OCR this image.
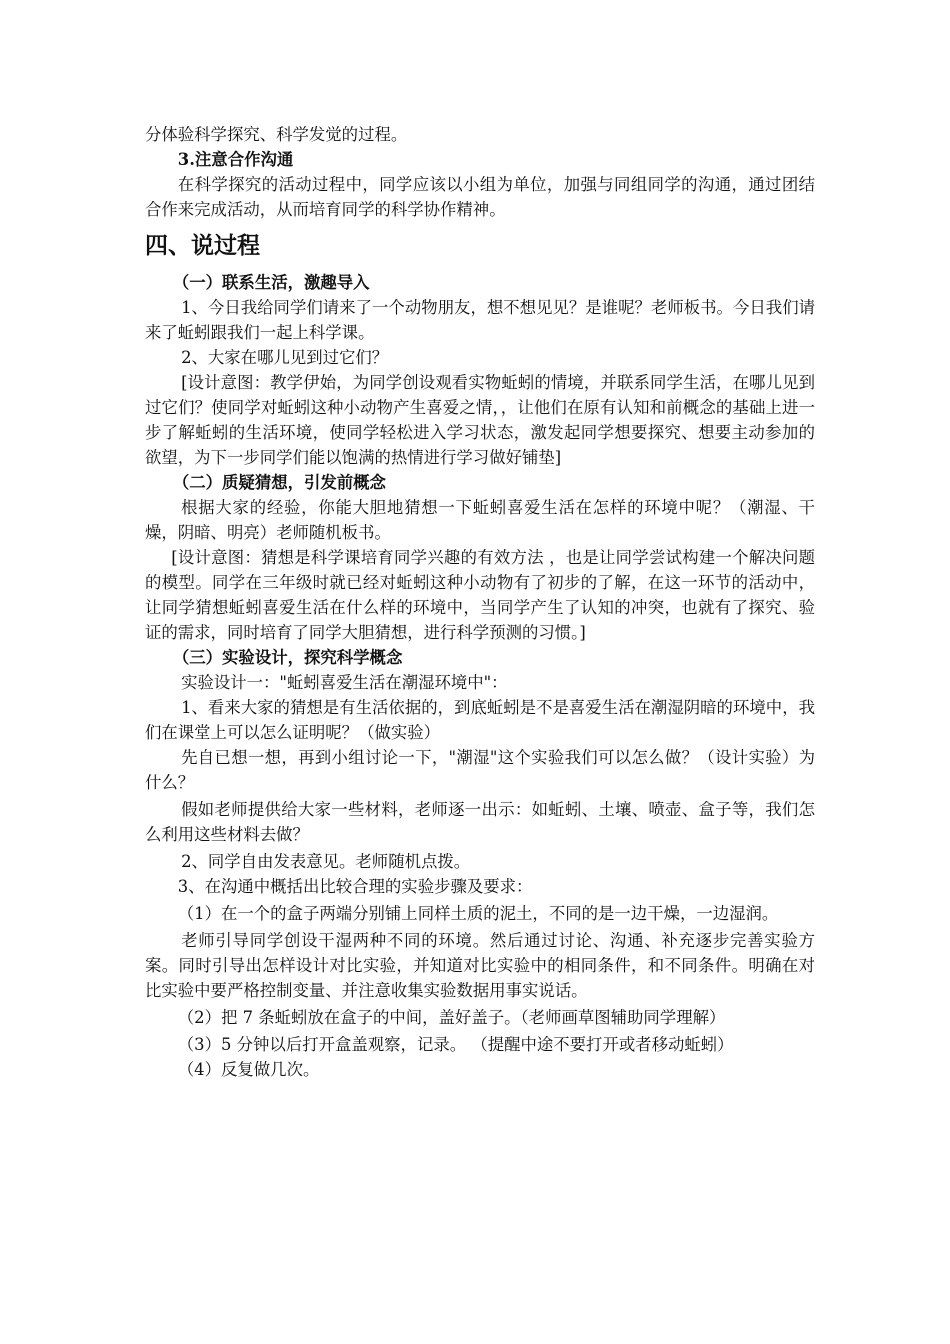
分体验科学探究、科学发觉的过程。

3.注意合作沟通

在科学探究的活动过程中，同学应该以小组为单位，加强与同组同学的沟通，通过团结合作来完成活动，从而培育同学的科学协作精神。

四、说过程

（一）联系生活，激趣导入

1、今日我给同学们请来了一个动物朋友，想不想见见？是谁呢？老师板书。今日我们请来了蚯蚓跟我们一起上科学课。

2、大家在哪儿见到过它们？

[设计意图：教学伊始，为同学创设观看实物蚯蚓的情境，并联系同学生活，在哪儿见到过它们？使同学对蚯蚓这种小动物产生喜爱之情，，让他们在原有认知和前概念的基础上进一步了解蚯蚓的生活环境，使同学轻松进入学习状态，激发起同学想要探究、想要主动参加的欲望，为下一步同学们能以饱满的热情进行学习做好铺垫]

（二）质疑猜想，引发前概念

根据大家的经验，你能大胆地猜想一下蚯蚓喜爱生活在怎样的环境中呢？（潮湿、干燥，阴暗、明亮）老师随机板书。

[设计意图：猜想是科学课培育同学兴趣的有效方法 ，也是让同学尝试构建一个解决问题的模型。同学在三年级时就已经对蚯蚓这种小动物有了初步的了解，在这一环节的活动中，让同学猜想蚯蚓喜爱生活在什么样的环境中，当同学产生了认知的冲突，也就有了探究、验证的需求，同时培育了同学大胆猜想，进行科学预测的习惯。]

（三）实验设计，探究科学概念

实验设计一："蚯蚓喜爱生活在潮湿环境中"：

1、看来大家的猜想是有生活依据的，到底蚯蚓是不是喜爱生活在潮湿阴暗的环境中，我们在课堂上可以怎么证明呢？（做实验）

先自已想一想，再到小组讨论一下，"潮湿"这个实验我们可以怎么做？（设计实验）为什么？

假如老师提供给大家一些材料，老师逐一出示：如蚯蚓、土壤、喷壶、盒子等，我们怎么利用这些材料去做？

2、同学自由发表意见。老师随机点拨。

3、在沟通中概括出比较合理的实验步骤及要求：

（1）在一个的盒子两端分别铺上同样土质的泥土，不同的是一边干燥，一边湿润。

老师引导同学创设干湿两种不同的环境。然后通过讨论、沟通、补充逐步完善实验方案。同时引导出怎样设计对比实验，并知道对比实验中的相同条件，和不同条件。明确在对比实验中要严格控制变量、并注意收集实验数据用事实说话。

（2）把 7 条蚯蚓放在盒子的中间，盖好盖子。（老师画草图辅助同学理解）

（3）5 分钟以后打开盒盖观察，记录。 （提醒中途不要打开或者移动蚯蚓）

（4）反复做几次。
